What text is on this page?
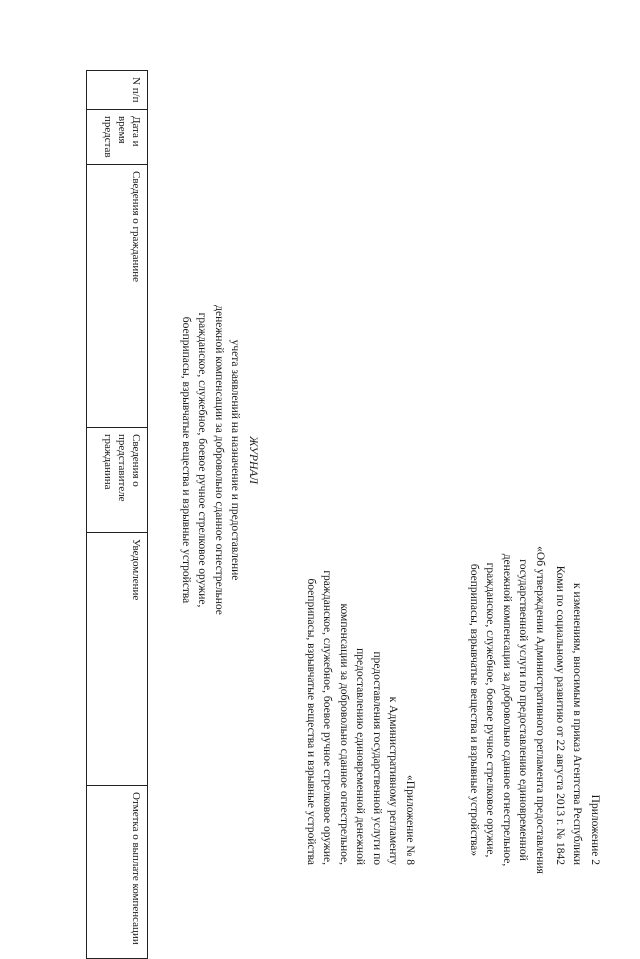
Приложение 2
к изменениям, вносимым в приказ Агентства Республики
Коми по социальному развитию от 22 августа 2013 г. № 1842
«Об утверждении Административного регламента предоставления
государственной услуги по предоставлению единовременной
денежной компенсации за добровольно сданное огнестрельное,
гражданское, служебное, боевое ручное стрелковое оружие,
боеприпасы, взрывчатые вещества и взрывные устройства»
«Приложение № 8
к Административному регламенту
предоставления государственной услуги по
предоставлению единовременной денежной
компенсации за добровольно сданное огнестрельное,
гражданское, служебное, боевое ручное стрелковое оружие,
боеприпасы, взрывчатые вещества и взрывные устройства
ЖУРНАЛ
учета заявлений на назначение и предоставление
денежной компенсации за добровольно сданное огнестрельное
гражданское, служебное, боевое ручное стрелковое оружие,
боеприпасы, взрывчатые вещества и взрывные устройства
N п/п	Дата и время представ	Сведения о гражданине	Сведения о представителе гражданина	Уведомление	Отметка о выплате компенсации
